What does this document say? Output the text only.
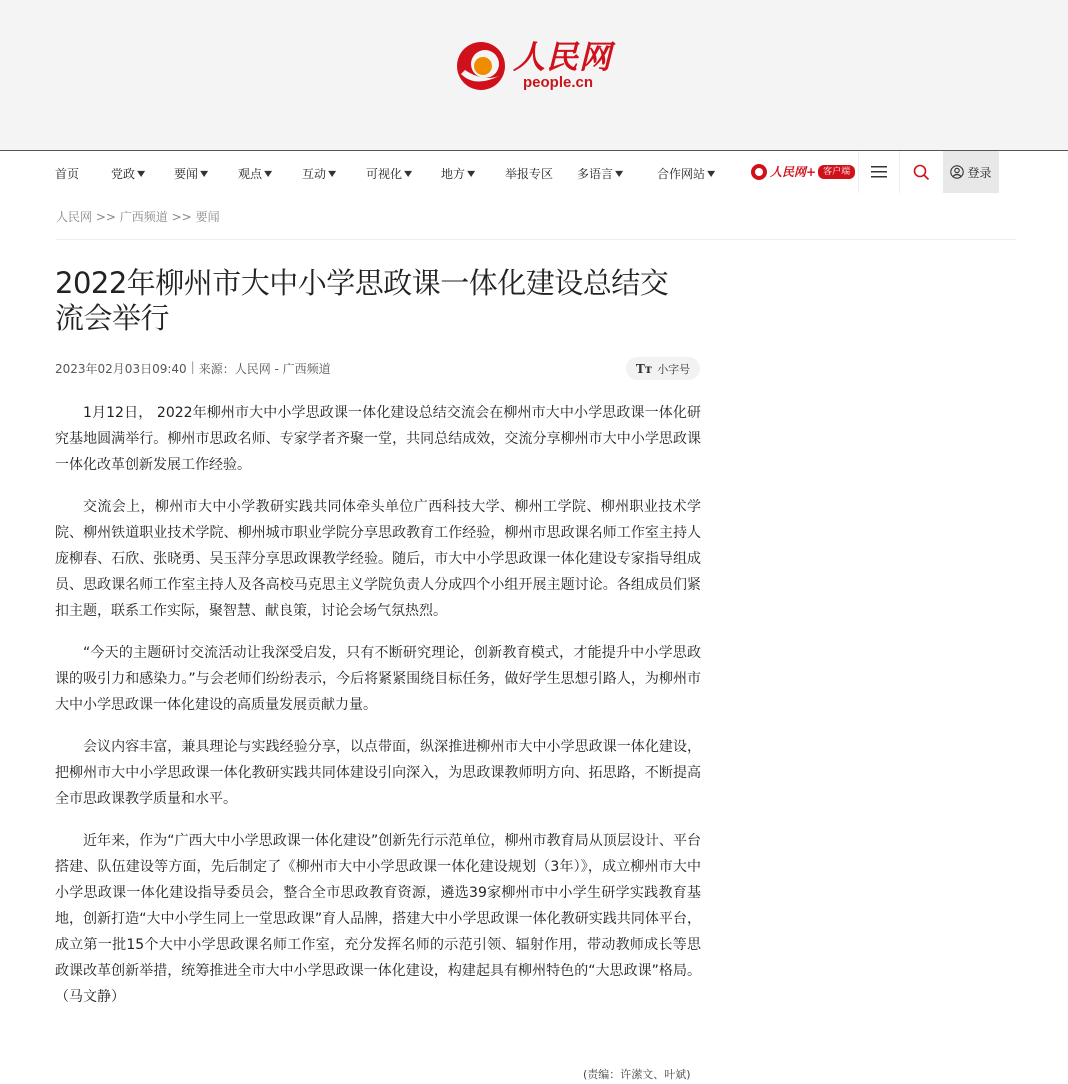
人民网
people.cn
首页	党政 ▼ 要闻 ▼ 观点 ▼ 互动 ▼ 可视化 ▼ 地方 ▼ 举报专区 多语言 ▼	合作网站 ▼	人民网+ 客户端	登录
人民网 >> 广西频道 >> 要闻
2022年柳州市大中小学思政课一体化建设总结交流会举行
2023年02月03日09:40 | 来源：人民网 - 广西频道	Tт 小字号

1月12日， 2022年柳州市大中小学思政课一体化建设总结交流会在柳州市大中小学思政课一体化研究基地圆满举行。柳州市思政名师、专家学者齐聚一堂，共同总结成效，交流分享柳州市大中小学思政课一体化改革创新发展工作经验。

交流会上，柳州市大中小学教研实践共同体牵头单位广西科技大学、柳州工学院、柳州职业技术学院、柳州铁道职业技术学院、柳州城市职业学院分享思政教育工作经验，柳州市思政课名师工作室主持人庞柳春、石欣、张晓勇、吴玉萍分享思政课教学经验。随后，市大中小学思政课一体化建设专家指导组成员、思政课名师工作室主持人及各高校马克思主义学院负责人分成四个小组开展主题讨论。各组成员们紧扣主题，联系工作实际，聚智慧、献良策，讨论会场气氛热烈。

“今天的主题研讨交流活动让我深受启发，只有不断研究理论，创新教育模式，才能提升中小学思政课的吸引力和感染力。”与会老师们纷纷表示，今后将紧紧围绕目标任务，做好学生思想引路人，为柳州市大中小学思政课一体化建设的高质量发展贡献力量。

会议内容丰富，兼具理论与实践经验分享，以点带面，纵深推进柳州市大中小学思政课一体化建设，把柳州市大中小学思政课一体化教研实践共同体建设引向深入，为思政课教师明方向、拓思路，不断提高全市思政课教学质量和水平。

近年来，作为“广西大中小学思政课一体化建设”创新先行示范单位，柳州市教育局从顶层设计、平台搭建、队伍建设等方面，先后制定了《柳州市大中小学思政课一体化建设规划（3年）》，成立柳州市大中小学思政课一体化建设指导委员会，整合全市思政教育资源，遴选39家柳州市中小学生研学实践教育基地，创新打造“大中小学生同上一堂思政课”育人品牌，搭建大中小学思政课一体化教研实践共同体平台，成立第一批15个大中小学思政课名师工作室，充分发挥名师的示范引领、辐射作用，带动教师成长等思政课改革创新举措，统筹推进全市大中小学思政课一体化建设，构建起具有柳州特色的“大思政课”格局。 （马文静）

(责编：许潆文、叶斌)
